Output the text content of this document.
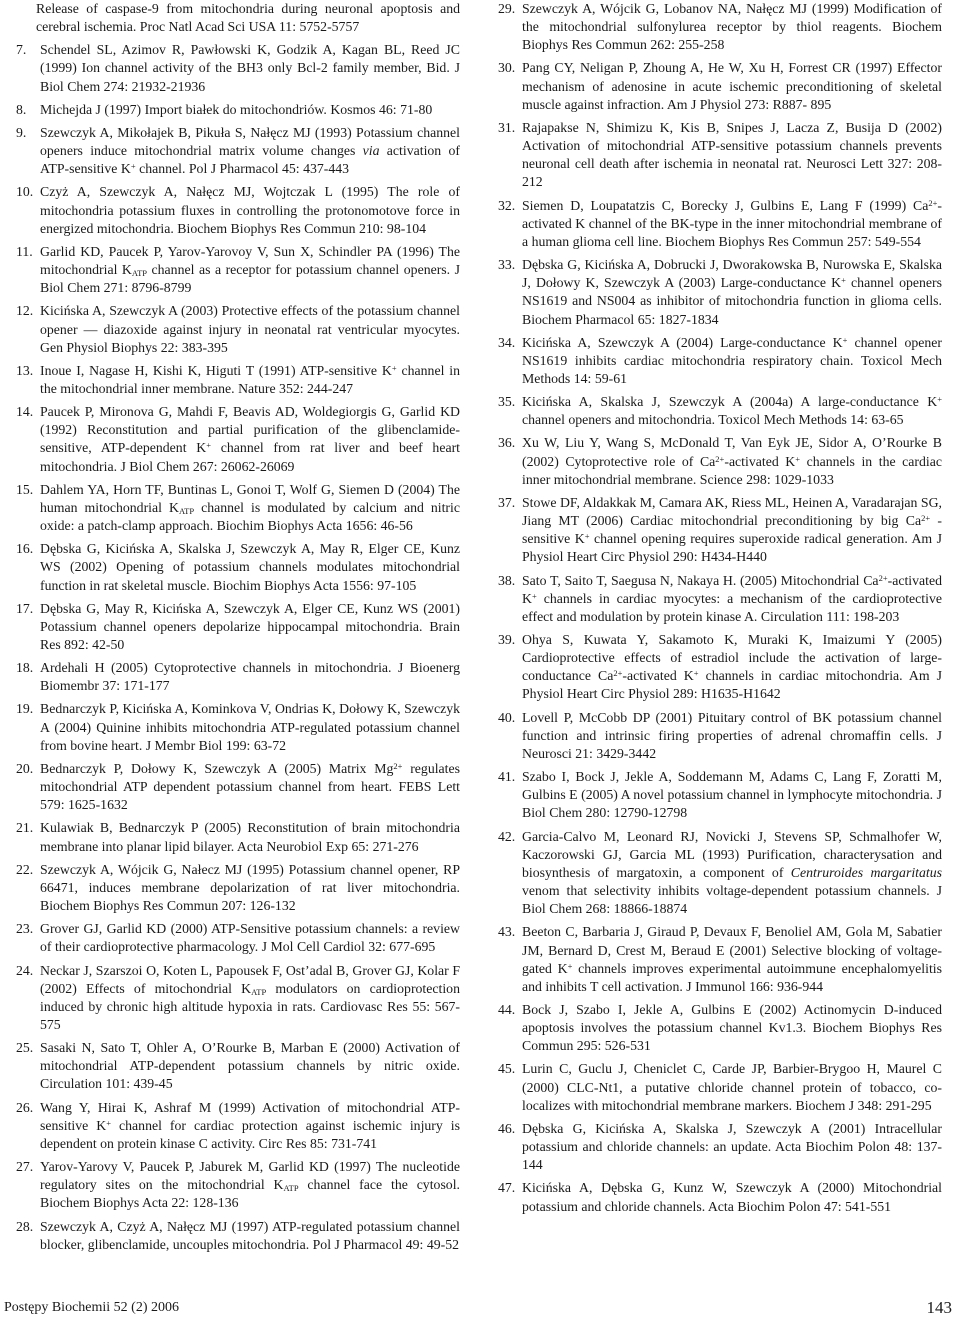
Release of caspase-9 from mitochondria during neuronal apoptosis and cerebral ischemia. Proc Natl Acad Sci USA 11: 5752-5757
7. Schendel SL, Azimov R, Pawłowski K, Godzik A, Kagan BL, Reed JC (1999) Ion channel activity of the BH3 only Bcl-2 family member, Bid. J Biol Chem 274: 21932-21936
8. Michejda J (1997) Import białek do mitochondriów. Kosmos 46: 71-80
9. Szewczyk A, Mikołajek B, Pikuła S, Nałęcz MJ (1993) Potassium channel openers induce mitochondrial matrix volume changes via activation of ATP-sensitive K+ channel. Pol J Pharmacol 45: 437-443
10. Czyż A, Szewczyk A, Nałęcz MJ, Wojtczak L (1995) The role of mitochondria potassium fluxes in controlling the protonomotove force in energized mitochondria. Biochem Biophys Res Commun 210: 98-104
11. Garlid KD, Paucek P, Yarov-Yarovoy V, Sun X, Schindler PA (1996) The mitochondrial $K_{ATP}$ channel as a receptor for potassium channel openers. J Biol Chem 271: 8796-8799
12. Kicińska A, Szewczyk A (2003) Protective effects of the potassium channel opener — diazoxide against injury in neonatal rat ventricular myocytes. Gen Physiol Biophys 22: 383-395
13. Inoue I, Nagase H, Kishi K, Higuti T (1991) ATP-sensitive K+ channel in the mitochondrial inner membrane. Nature 352: 244-247
14. Paucek P, Mironova G, Mahdi F, Beavis AD, Woldegiorgis G, Garlid KD (1992) Reconstitution and partial purification of the glibenclamide-sensitive, ATP-dependent K+ channel from rat liver and beef heart mitochondria. J Biol Chem 267: 26062-26069
15. Dahlem YA, Horn TF, Buntinas L, Gonoi T, Wolf G, Siemen D (2004) The human mitochondrial $K_{ATP}$ channel is modulated by calcium and nitric oxide: a patch-clamp approach. Biochim Biophys Acta 1656: 46-56
16. Dębska G, Kicińska A, Skalska J, Szewczyk A, May R, Elger CE, Kunz WS (2002) Opening of potassium channels modulates mitochondrial function in rat skeletal muscle. Biochim Biophys Acta 1556: 97-105
17. Dębska G, May R, Kicińska A, Szewczyk A, Elger CE, Kunz WS (2001) Potassium channel openers depolarize hippocampal mitochondria. Brain Res 892: 42-50
18. Ardehali H (2005) Cytoprotective channels in mitochondria. J Bioenerg Biomembr 37: 171-177
19. Bednarczyk P, Kicińska A, Kominkova V, Ondrias K, Dołowy K, Szewczyk A (2004) Quinine inhibits mitochondria ATP-regulated potassium channel from bovine heart. J Membr Biol 199: 63-72
20. Bednarczyk P, Dołowy K, Szewczyk A (2005) Matrix $Mg^{2+}$ regulates mitochondrial ATP dependent potassium channel from heart. FEBS Lett 579: 1625-1632
21. Kulawiak B, Bednarczyk P (2005) Reconstitution of brain mitochondria membrane into planar lipid bilayer. Acta Neurobiol Exp 65: 271-276
22. Szewczyk A, Wójcik G, Nałecz MJ (1995) Potassium channel opener, RP 66471, induces membrane depolarization of rat liver mitochondria. Biochem Biophys Res Commun 207: 126-132
23. Grover GJ, Garlid KD (2000) ATP-Sensitive potassium channels: a review of their cardioprotective pharmacology. J Mol Cell Cardiol 32: 677-695
24. Neckar J, Szarszoi O, Koten L, Papousek F, Ost’adal B, Grover GJ, Kolar F (2002) Effects of mitochondrial $K_{ATP}$ modulators on cardioprotection induced by chronic high altitude hypoxia in rats. Cardiovasc Res 55: 567-575
25. Sasaki N, Sato T, Ohler A, O’Rourke B, Marban E (2000) Activation of mitochondrial ATP-dependent potassium channels by nitric oxide. Circulation 101: 439-45
26. Wang Y, Hirai K, Ashraf M (1999) Activation of mitochondrial ATP-sensitive K+ channel for cardiac protection against ischemic injury is dependent on protein kinase C activity. Circ Res 85: 731-741
27. Yarov-Yarovy V, Paucek P, Jaburek M, Garlid KD (1997) The nucleotide regulatory sites on the mitochondrial $K_{ATP}$ channel face the cytosol. Biochem Biophys Acta 22: 128-136
28. Szewczyk A, Czyż A, Nałęcz MJ (1997) ATP-regulated potassium channel blocker, glibenclamide, uncouples mitochondria. Pol J Pharmacol 49: 49-52
29. Szewczyk A, Wójcik G, Lobanov NA, Nałęcz MJ (1999) Modification of the mitochondrial sulfonylurea receptor by thiol reagents. Biochem Biophys Res Commun 262: 255-258
30. Pang CY, Neligan P, Zhoung A, He W, Xu H, Forrest CR (1997) Effector mechanism of adenosine in acute ischemic preconditioning of skeletal muscle against infraction. Am J Physiol 273: R887- 895
31. Rajapakse N, Shimizu K, Kis B, Snipes J, Lacza Z, Busija D (2002) Activation of mitochondrial ATP-sensitive potassium channels prevents neuronal cell death after ischemia in neonatal rat. Neurosci Lett 327: 208-212
32. Siemen D, Loupatatzis C, Borecky J, Gulbins E, Lang F (1999) $Ca^{2+}$-activated K channel of the BK-type in the inner mitochondrial membrane of a human glioma cell line. Biochem Biophys Res Commun 257: 549-554
33. Dębska G, Kicińska A, Dobrucki J, Dworakowska B, Nurowska E, Skalska J, Dołowy K, Szewczyk A (2003) Large-conductance K+ channel openers NS1619 and NS004 as inhibitor of mitochondria function in glioma cells. Biochem Pharmacol 65: 1827-1834
34. Kicińska A, Szewczyk A (2004) Large-conductance K+ channel opener NS1619 inhibits cardiac mitochondria respiratory chain. Toxicol Mech Methods 14: 59-61
35. Kicińska A, Skalska J, Szewczyk A (2004a) A large-conductance K+ channel openers and mitochondria. Toxicol Mech Methods 14: 63-65
36. Xu W, Liu Y, Wang S, McDonald T, Van Eyk JE, Sidor A, O’Rourke B (2002) Cytoprotective role of $Ca^{2+}$-activated K+ channels in the cardiac inner mitochondrial membrane. Science 298: 1029-1033
37. Stowe DF, Aldakkak M, Camara AK, Riess ML, Heinen A, Varadarajan SG, Jiang MT (2006) Cardiac mitochondrial preconditioning by big $Ca^{2+}$ - sensitive K+ channel opening requires superoxide radical generation. Am J Physiol Heart Circ Physiol 290: H434-H440
38. Sato T, Saito T, Saegusa N, Nakaya H. (2005) Mitochondrial $Ca^{2+}$-activated K+ channels in cardiac myocytes: a mechanism of the cardioprotective effect and modulation by protein kinase A. Circulation 111: 198-203
39. Ohya S, Kuwata Y, Sakamoto K, Muraki K, Imaizumi Y (2005) Cardioprotective effects of estradiol include the activation of large-conductance $Ca^{2+}$-activated K+ channels in cardiac mitochondria. Am J Physiol Heart Circ Physiol 289: H1635-H1642
40. Lovell P, McCobb DP (2001) Pituitary control of BK potassium channel function and intrinsic firing properties of adrenal chromaffin cells. J Neurosci 21: 3429-3442
41. Szabo I, Bock J, Jekle A, Soddemann M, Adams C, Lang F, Zoratti M, Gulbins E (2005) A novel potassium channel in lymphocyte mitochondria. J Biol Chem 280: 12790-12798
42. Garcia-Calvo M, Leonard RJ, Novicki J, Stevens SP, Schmalhofer W, Kaczorowski GJ, Garcia ML (1993) Purification, characterysation and biosynthesis of margatoxin, a component of Centruroides margaritatus venom that selectivity inhibits voltage-dependent potassium channels. J Biol Chem 268: 18866-18874
43. Beeton C, Barbaria J, Giraud P, Devaux F, Benoliel AM, Gola M, Sabatier JM, Bernard D, Crest M, Beraud E (2001) Selective blocking of voltage-gated K+ channels improves experimental autoimmune encephalomyelitis and inhibits T cell activation. J Immunol 166: 936-944
44. Bock J, Szabo I, Jekle A, Gulbins E (2002) Actinomycin D-induced apoptosis involves the potassium channel Kv1.3. Biochem Biophys Res Commun 295: 526-531
45. Lurin C, Guclu J, Cheniclet C, Carde JP, Barbier-Brygoo H, Maurel C (2000) CLC-Nt1, a putative chloride channel protein of tobacco, co-localizes with mitochondrial membrane markers. Biochem J 348: 291-295
46. Dębska G, Kicińska A, Skalska J, Szewczyk A (2001) Intracellular potassium and chloride channels: an update. Acta Biochim Polon 48: 137-144
47. Kicińska A, Dębska G, Kunz W, Szewczyk A (2000) Mitochondrial potassium and chloride channels. Acta Biochim Polon 47: 541-551
Postępy Biochemii 52 (2) 2006	143
